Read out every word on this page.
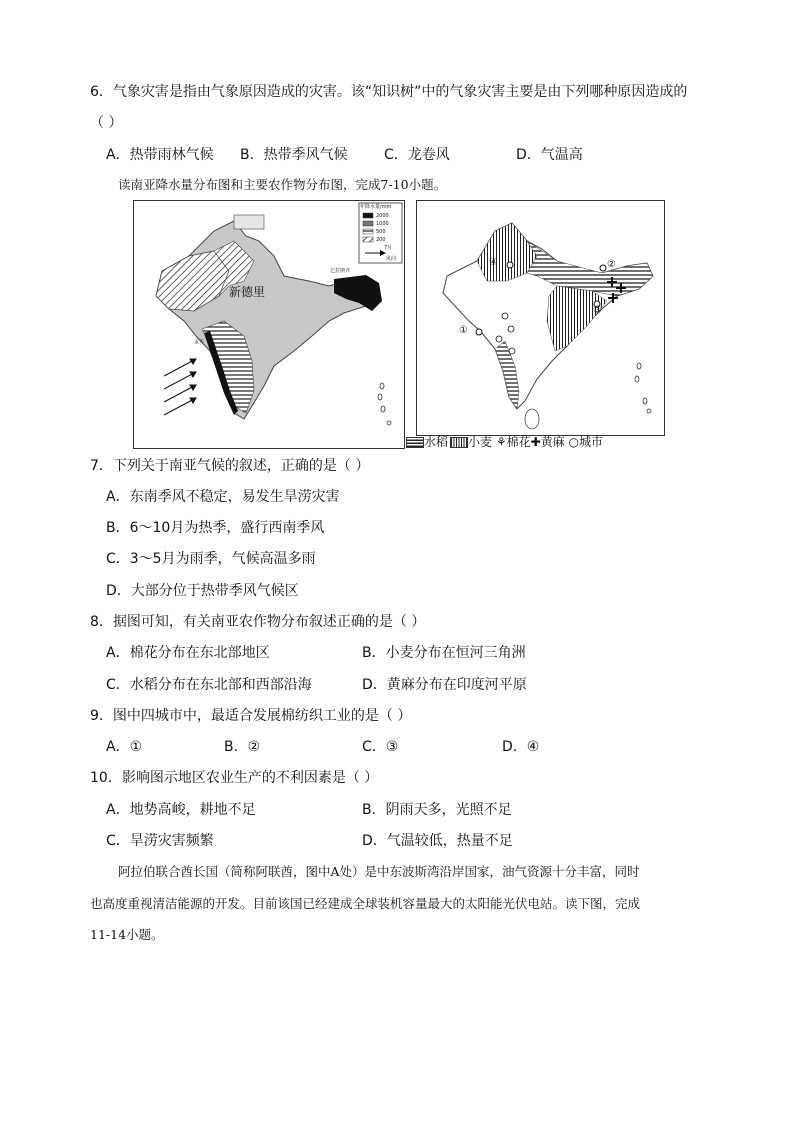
6．气象灾害是指由气象原因造成的灾害。该“知识树”中的气象灾害主要是由下列哪种原因造成的
（ ）
A．热带雨林气候 B．热带季风气候	C．龙卷风	D．气温高
读南亚降水量分布图和主要农作物分布图，完成7-10小题。
新德里
年降水量/mm
2000
1000
500
200
7月
风向
乞拉朋齐
孟买
④
①
②
③
水稻 小麦 ⚘棉花✚黄麻 ○城市
7．下列关于南亚气候的叙述，正确的是（ ）
A．东南季风不稳定，易发生旱涝灾害
B．6～10月为热季，盛行西南季风
C．3～5月为雨季，气候高温多雨
D．大部分位于热带季风气候区
8．据图可知，有关南亚农作物分布叙述正确的是（ ）
A．棉花分布在东北部地区	B．小麦分布在恒河三角洲
C．水稻分布在东北部和西部沿海	D．黄麻分布在印度河平原
9．图中四城市中，最适合发展棉纺织工业的是（ ）
A．①	B．②	C．③	D．④
10．影响图示地区农业生产的不利因素是（ ）
A．地势高峻，耕地不足	B．阴雨天多，光照不足
C．旱涝灾害频繁	D．气温较低，热量不足
阿拉伯联合酋长国（简称阿联酋，图中A处）是中东波斯湾沿岸国家，油气资源十分丰富，同时
也高度重视清洁能源的开发。目前该国已经建成全球装机容量最大的太阳能光伏电站。读下图，完成
11-14小题。
